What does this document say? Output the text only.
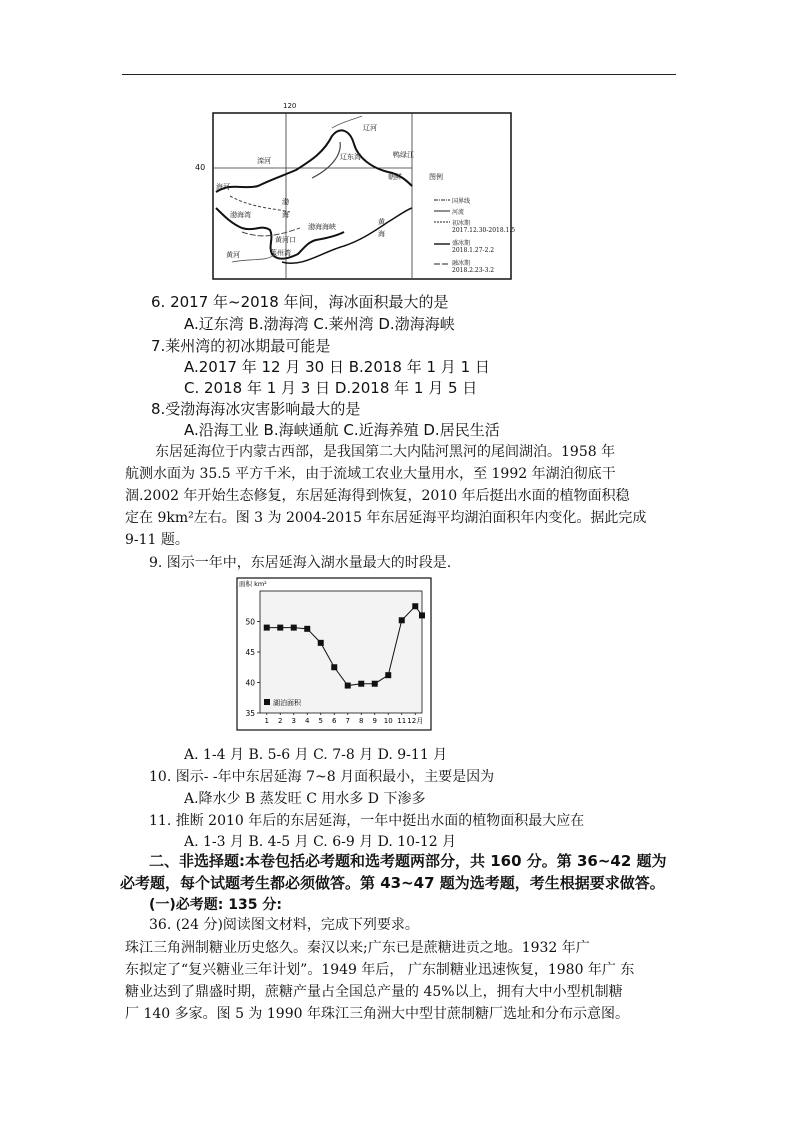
120
40
辽河
辽东湾
滦河
鸭绿江
海河
渤海湾
渤
海
黄河口
莱州湾
黄河
渤海海峡
黄
海
朝鲜	图例
国界线
河流
初冰期
2017.12.30-2018.1.5
盛冰期
2018.1.27-2.2
融冰期
2018.2.23-3.2
6. 2017 年~2018 年间，海冰面积最大的是
A.辽东湾 B.渤海湾 C.莱州湾 D.渤海海峡
7.莱州湾的初冰期最可能是
A.2017 年 12 月 30 日 B.2018 年 1 月 1 日
C. 2018 年 1 月 3 日 D.2018 年 1 月 5 日
8.受渤海海冰灾害影响最大的是
A.沿海工业 B.海峡通航 C.近海养殖 D.居民生活
东居延海位于内蒙古西部，是我国第二大内陆河黑河的尾闾湖泊。1958 年
航测水面为 35.5 平方千米，由于流域工农业大量用水，至 1992 年湖泊彻底干
涸.2002 年开始生态修复，东居延海得到恢复，2010 年后挺出水面的植物面积稳
定在 9km²左右。图 3 为 2004-2015 年东居延海平均湖泊面积年内变化。据此完成
9-11 题。
9. 图示一年中，东居延海入湖水量最大的时段是.
面积 km²
35
40
45
50
1 2 3 4 5 6 7 8 9 10 11 12月
湖泊面积
A. 1-4 月 B. 5-6 月 C. 7-8 月 D. 9-11 月
10. 图示- -年中东居延海 7~8 月面积最小，主要是因为
A.降水少 B 蒸发旺 C 用水多 D 下渗多
11. 推断 2010 年后的东居延海，一年中挺出水面的植物面积最大应在
A. 1-3 月 B. 4-5 月 C. 6-9 月 D. 10-12 月
二、非选择题:本卷包括必考题和选考题两部分，共 160 分。第 36~42 题为
必考题，每个试题考生都必须做答。第 43~47 题为选考题，考生根据要求做答。
(一)必考题: 135 分:
36. (24 分)阅读图文材料，完成下列要求。
珠江三角洲制糖业历史悠久。秦汉以来;广东已是蔗糖进贡之地。1932 年广
东拟定了“复兴糖业三年计划”。1949 年后， 广东制糖业迅速恢复，1980 年广 东
糖业达到了鼎盛时期，蔗糖产量占全国总产量的 45%以上，拥有大中小型机制糖
厂 140 多家。图 5 为 1990 年珠江三角洲大中型甘蔗制糖厂选址和分布示意图。
